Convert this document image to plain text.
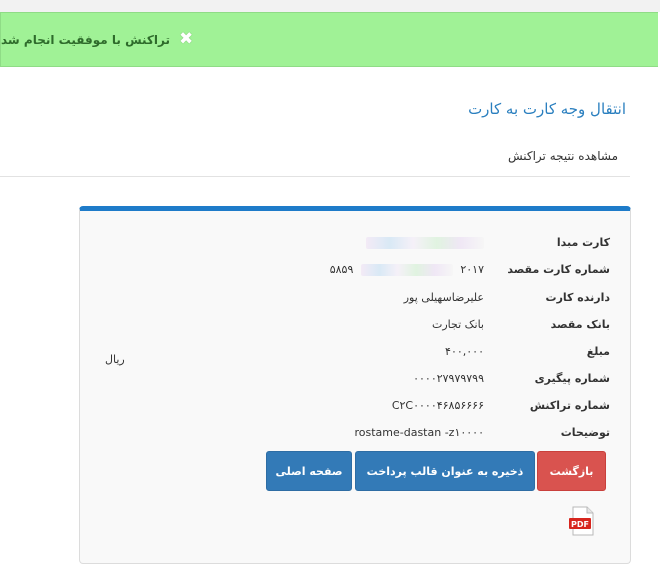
✖
تراکنش با موفقیت انجام شد
انتقال وجه کارت به کارت
مشاهده نتیجه تراکنش
کارت مبدا
شماره کارت مقصد
۲۰۱۷  ۵۸۵۹
دارنده کارت
علیرضاسهیلی پور
بانک مقصد
بانک تجارت
مبلغ
۴۰۰,۰۰۰
ریال
شماره پیگیری
۰۰۰۰۲۷۹۷۹۷۹۹
شماره تراکنش
C۲C۰۰۰۰۴۶۸۵۶۶۶۶
توضیحات
rostame-dastan -z۱۰۰۰۰
بازگشت
ذخیره به عنوان قالب پرداخت
صفحه اصلی
PDF
